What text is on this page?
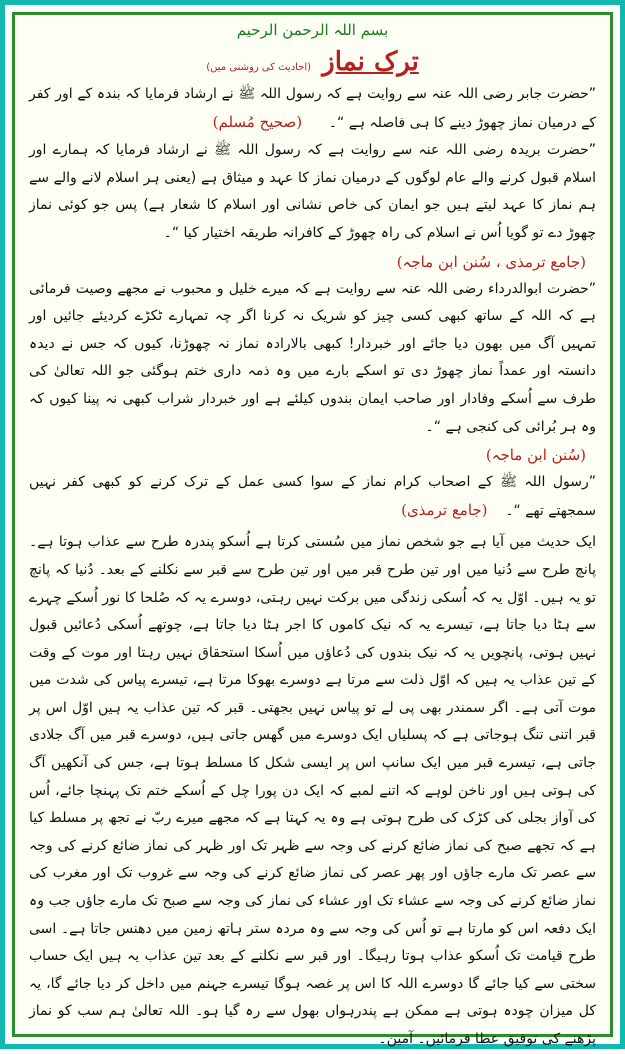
بسم اللہ الرحمن الرحیم
ترک نماز (احادیث کی روشنی میں)

”حضرت جابر رضی اللہ عنہ سے روایت ہے کہ رسول اللہ ﷺ نے ارشاد فرمایا کہ بندہ کے اور کفر کے درمیان نماز چھوڑ دینے کا ہی فاصلہ ہے “۔      (صحیح مُسلم)

”حضرت بریدہ رضی اللہ عنہ سے روایت ہے کہ رسول اللہ ﷺ نے ارشاد فرمایا کہ ہمارے اور اسلام قبول کرنے والے عام لوگوں کے درمیان نماز کا عہد و میثاق ہے (یعنی ہر اسلام لانے والے سے ہم نماز کا عہد لیتے ہیں جو ایمان کی خاص نشانی اور اسلام کا شعار ہے) پس جو کوئی نماز چھوڑ دے تو گویا اُس نے اسلام کی راہ چھوڑ کے کافرانہ طریقہ اختیار کیا “۔

(جامع ترمذی ، سُنن ابن ماجہ)

”حضرت ابوالدرداء رضی اللہ عنہ سے روایت ہے کہ میرے خلیل و محبوب نے مجھے وصیت فرمائی ہے کہ اللہ کے ساتھ کبھی کسی چیز کو شریک نہ کرنا اگر چہ تمہارے ٹکڑے کردیئے جائیں اور تمہیں آگ میں بھون دیا جائے اور خبردار! کبھی بالارادہ نماز نہ چھوڑنا، کیوں کہ جس نے دیدہ دانستہ اور عمداً نماز چھوڑ دی تو اسکے بارے میں وہ ذمہ داری ختم ہوگئی جو اللہ تعالیٰ کی طرف سے اُسکے وفادار اور صاحب ایمان بندوں کیلئے ہے اور خبردار شراب کبھی نہ پینا کیوں کہ وہ ہر بُرائی کی کنجی ہے “۔

(سُنن ابن ماجہ)

”رسول اللہ ﷺ کے اصحاب کرام نماز کے سوا کسی عمل کے ترک کرنے کو کبھی کفر نہیں سمجھتے تھے “۔    (جامع ترمذی)

ایک حدیث میں آیا ہے جو شخص نماز میں سُستی کرتا ہے اُسکو پندرہ طرح سے عذاب ہوتا ہے۔ پانچ طرح سے دُنیا میں اور تین طرح قبر میں اور تین طرح سے قبر سے نکلنے کے بعد۔ دُنیا کہ پانچ تو یہ ہیں۔ اوّل یہ کہ اُسکی زندگی میں برکت نہیں رہتی، دوسرے یہ کہ صُلحا کا نور اُسکے چہرے سے ہٹا دیا جاتا ہے، تیسرے یہ کہ نیک کاموں کا اجر ہٹا دیا جاتا ہے، چوتھے اُسکی دُعائیں قبول نہیں ہوتی، پانچویں یہ کہ نیک بندوں کی دُعاؤں میں اُسکا استحقاق نہیں رہتا اور موت کے وقت کے تین عذاب یہ ہیں کہ اوّل ذلت سے مرتا ہے دوسرے بھوکا مرتا ہے، تیسرے پیاس کی شدت میں موت آتی ہے۔ اگر سمندر بھی پی لے تو پیاس نہیں بجھتی۔ قبر کہ تین عذاب یہ ہیں اوّل اس پر قبر اتنی تنگ ہوجاتی ہے کہ پسلیاں ایک دوسرے میں گھس جاتی ہیں، دوسرے قبر میں آگ جلادی جاتی ہے، تیسرے قبر میں ایک سانپ اس پر ایسی شکل کا مسلط ہوتا ہے، جس کی آنکھیں آگ کی ہوتی ہیں اور ناخن لوہے کہ اتنے لمبے کہ ایک دن پورا چل کے اُسکے ختم تک پہنچا جائے، اُس کی آواز بجلی کی کڑک کی طرح ہوتی ہے وہ یہ کہتا ہے کہ مجھے میرے ربّ نے تجھ پر مسلط کیا ہے کہ تجھے صبح کی نماز ضائع کرنے کی وجہ سے ظہر تک اور ظہر کی نماز ضائع کرنے کی وجہ سے عصر تک مارے جاؤں اور پھر عصر کی نماز ضائع کرنے کی وجہ سے غروب تک اور مغرب کی نماز ضائع کرنے کی وجہ سے عشاء تک اور عشاء کی نماز کی وجہ سے صبح تک مارے جاؤں جب وہ ایک دفعہ اس کو مارتا ہے تو اُس کی وجہ سے وہ مردہ ستر ہاتھ زمین میں دھنس جاتا ہے۔ اسی طرح قیامت تک اُسکو عذاب ہوتا رہیگا۔ اور قبر سے نکلنے کے بعد تین عذاب یہ ہیں ایک حساب سختی سے کیا جائے گا دوسرے اللہ کا اس پر غصہ ہوگا تیسرے جہنم میں داخل کر دیا جائے گا، یہ کل میزان چودہ ہوتی ہے ممکن ہے پندرہواں بھول سے رہ گیا ہو۔ اللہ تعالیٰ ہم سب کو نماز پڑھنے کی توفیق عطا فرمائیں۔ آمین۔
